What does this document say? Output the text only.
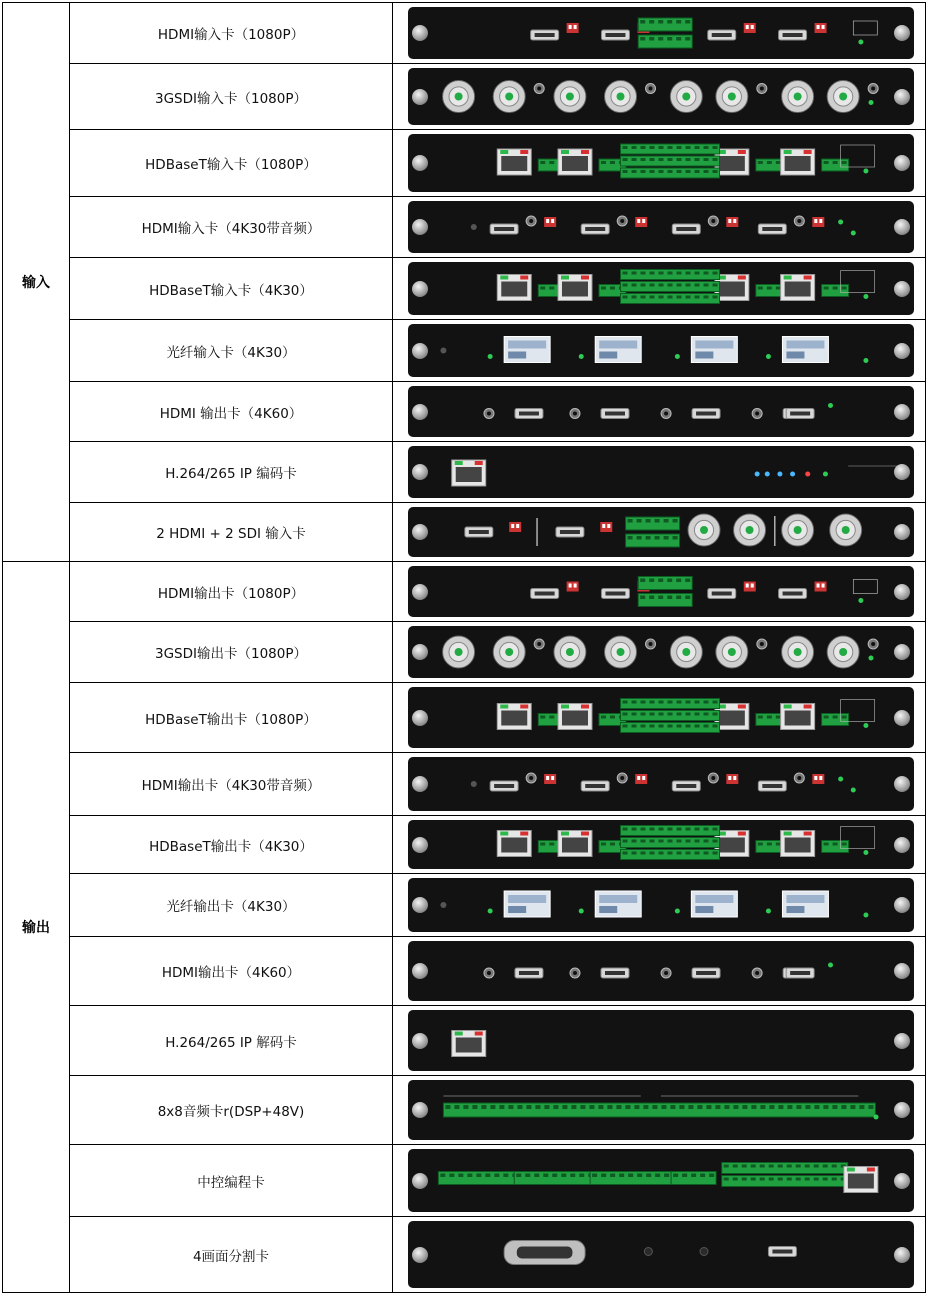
输入	HDMI输入卡（1080P）	

	3GSDI输入卡（1080P）	

	HDBaseT输入卡（1080P）	

	HDMI输入卡（4K30带音频）	

	HDBaseT输入卡（4K30）	

	光纤输入卡（4K30）	

	HDMI 输出卡（4K60）	

	H.264/265 IP 编码卡	

	2 HDMI + 2 SDI 输入卡	

输出	HDMI输出卡（1080P）	

	3GSDI输出卡（1080P）	

	HDBaseT输出卡（1080P）	

	HDMI输出卡（4K30带音频）	

	HDBaseT输出卡（4K30）	

	光纤输出卡（4K30）	

	HDMI输出卡（4K60）	

	H.264/265 IP 解码卡	

	8x8音频卡r(DSP+48V)	

	中控编程卡	

	4画面分割卡	
